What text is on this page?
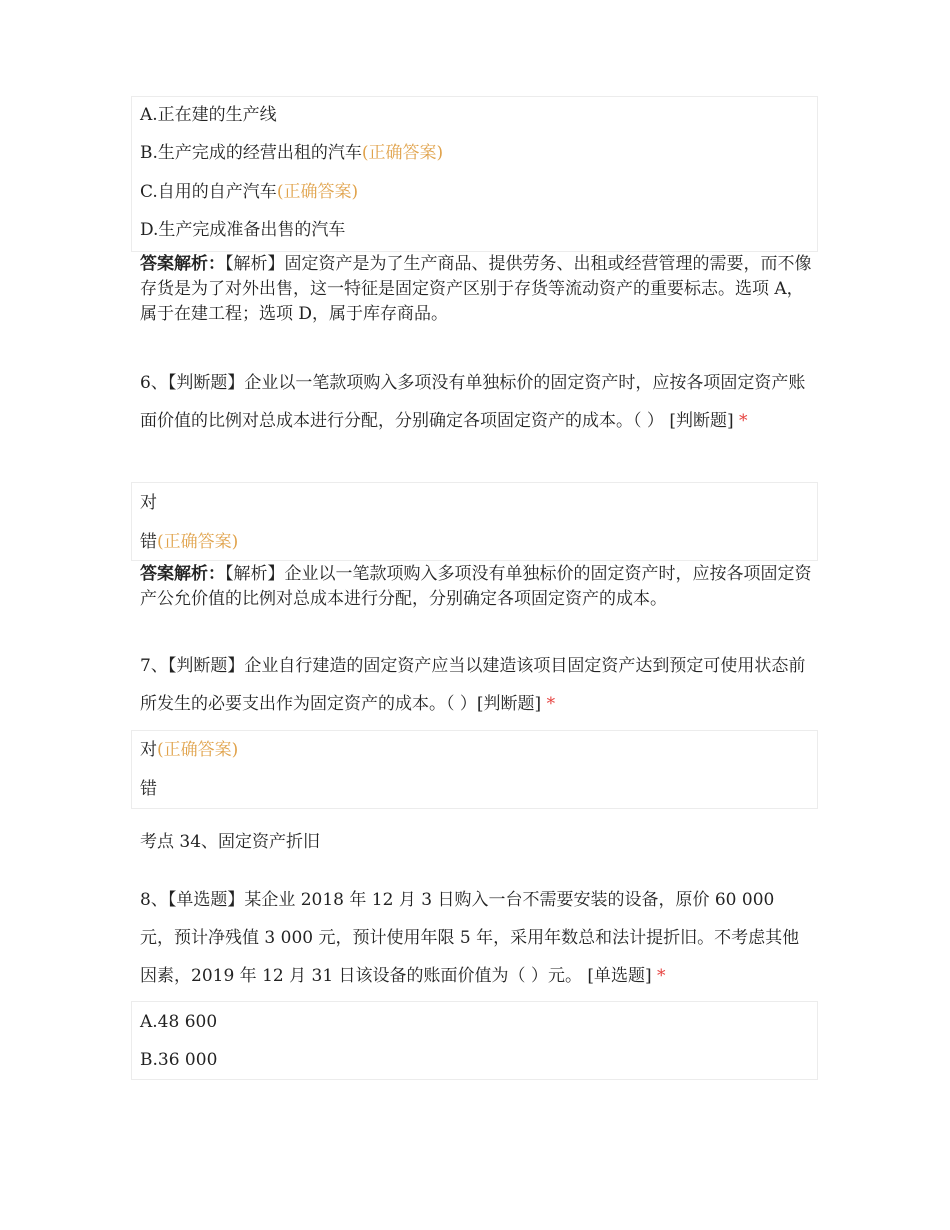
A.正在建的生产线
B.生产完成的经营出租的汽车(正确答案)
C.自用的自产汽车(正确答案)
D.生产完成准备出售的汽车
答案解析：【解析】固定资产是为了生产商品、提供劳务、出租或经营管理的需要，而不像存货是为了对外出售，这一特征是固定资产区别于存货等流动资产的重要标志。选项 A，属于在建工程；选项 D，属于库存商品。
6、【判断题】企业以一笔款项购入多项没有单独标价的固定资产时，应按各项固定资产账面价值的比例对总成本进行分配，分别确定各项固定资产的成本。（ ） [判断题] *
对
错(正确答案)
答案解析：【解析】企业以一笔款项购入多项没有单独标价的固定资产时，应按各项固定资产公允价值的比例对总成本进行分配，分别确定各项固定资产的成本。
7、【判断题】企业自行建造的固定资产应当以建造该项目固定资产达到预定可使用状态前所发生的必要支出作为固定资产的成本。（ ）[判断题] *
对(正确答案)
错
考点 34、固定资产折旧
8、【单选题】某企业 2018 年 12 月 3 日购入一台不需要安装的设备，原价 60 000 元，预计净残值 3 000 元，预计使用年限 5 年，采用年数总和法计提折旧。不考虑其他因素，2019 年 12 月 31 日该设备的账面价值为（ ）元。 [单选题] *
A.48 600
B.36 000
